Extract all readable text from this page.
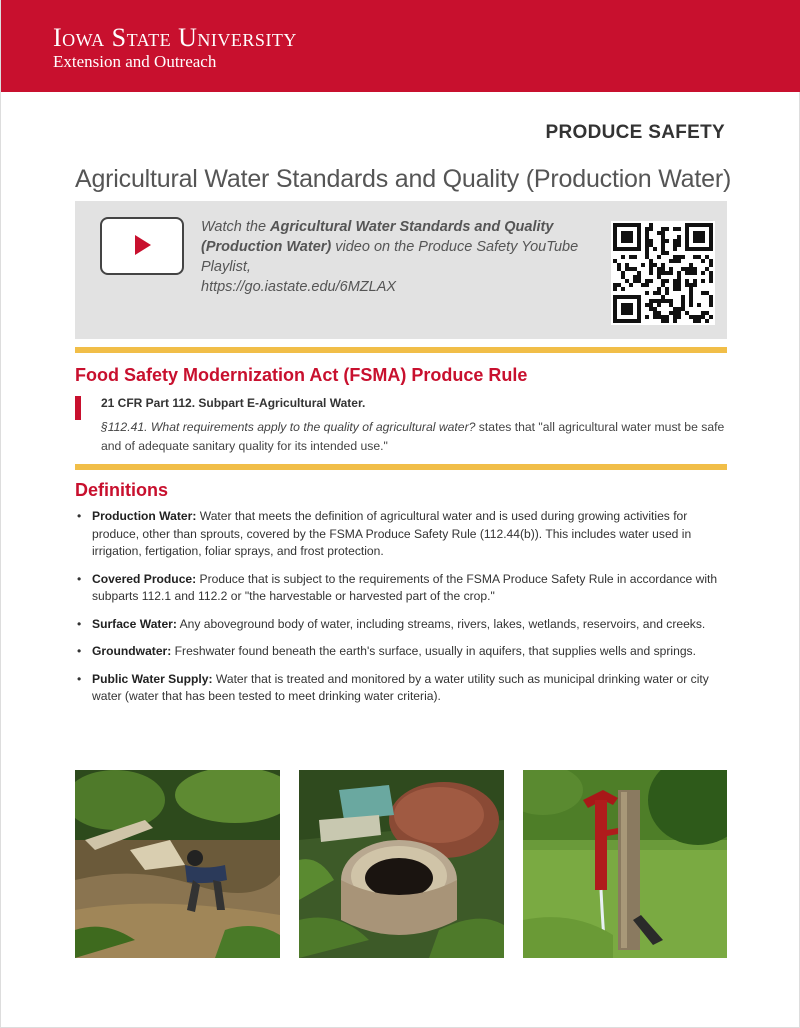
Iowa State University
Extension and Outreach
PRODUCE SAFETY
Agricultural Water Standards and Quality (Production Water)
Watch the Agricultural Water Standards and Quality (Production Water) video on the Produce Safety YouTube Playlist,
https://go.iastate.edu/6MZLAX
Food Safety Modernization Act (FSMA) Produce Rule
21 CFR Part 112. Subpart E-Agricultural Water.
§112.41. What requirements apply to the quality of agricultural water? states that "all agricultural water must be safe and of adequate sanitary quality for its intended use."
Definitions
• Production Water: Water that meets the definition of agricultural water and is used during growing activities for produce, other than sprouts, covered by the FSMA Produce Safety Rule (112.44(b)). This includes water used in irrigation, fertigation, foliar sprays, and frost protection.
• Covered Produce: Produce that is subject to the requirements of the FSMA Produce Safety Rule in accordance with subparts 112.1 and 112.2 or "the harvestable or harvested part of the crop."
• Surface Water: Any aboveground body of water, including streams, rivers, lakes, wetlands, reservoirs, and creeks.
• Groundwater: Freshwater found beneath the earth's surface, usually in aquifers, that supplies wells and springs.
• Public Water Supply: Water that is treated and monitored by a water utility such as municipal drinking water or city water (water that has been tested to meet drinking water criteria).
